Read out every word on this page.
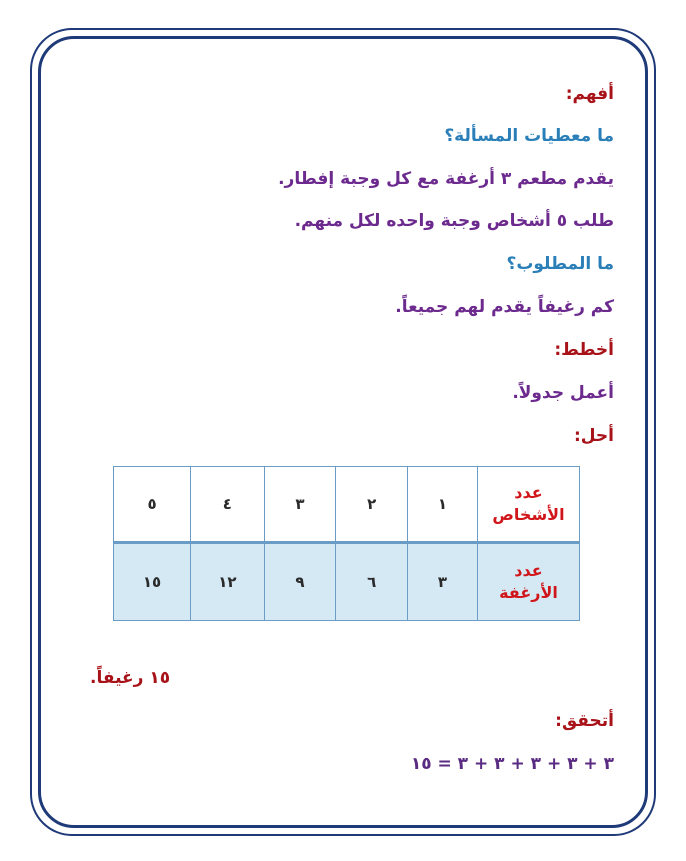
أفهم:
ما معطيات المسألة؟
يقدم مطعم ٣ أرغفة مع كل وجبة إفطار.
طلب ٥ أشخاص وجبة واحده لكل منهم.
ما المطلوب؟
كم رغيفاً يقدم لهم جميعاً.
أخطط:
أعمل جدولاً.
أحل:
عدد
الأشخاص	١	٢	٣	٤	٥

عدد
الأرغفة	٣	٦	٩	١٢	١٥
١٥ رغيفاً.
أتحقق:
٣ + ٣ + ٣ + ٣ + ٣ = ١٥
